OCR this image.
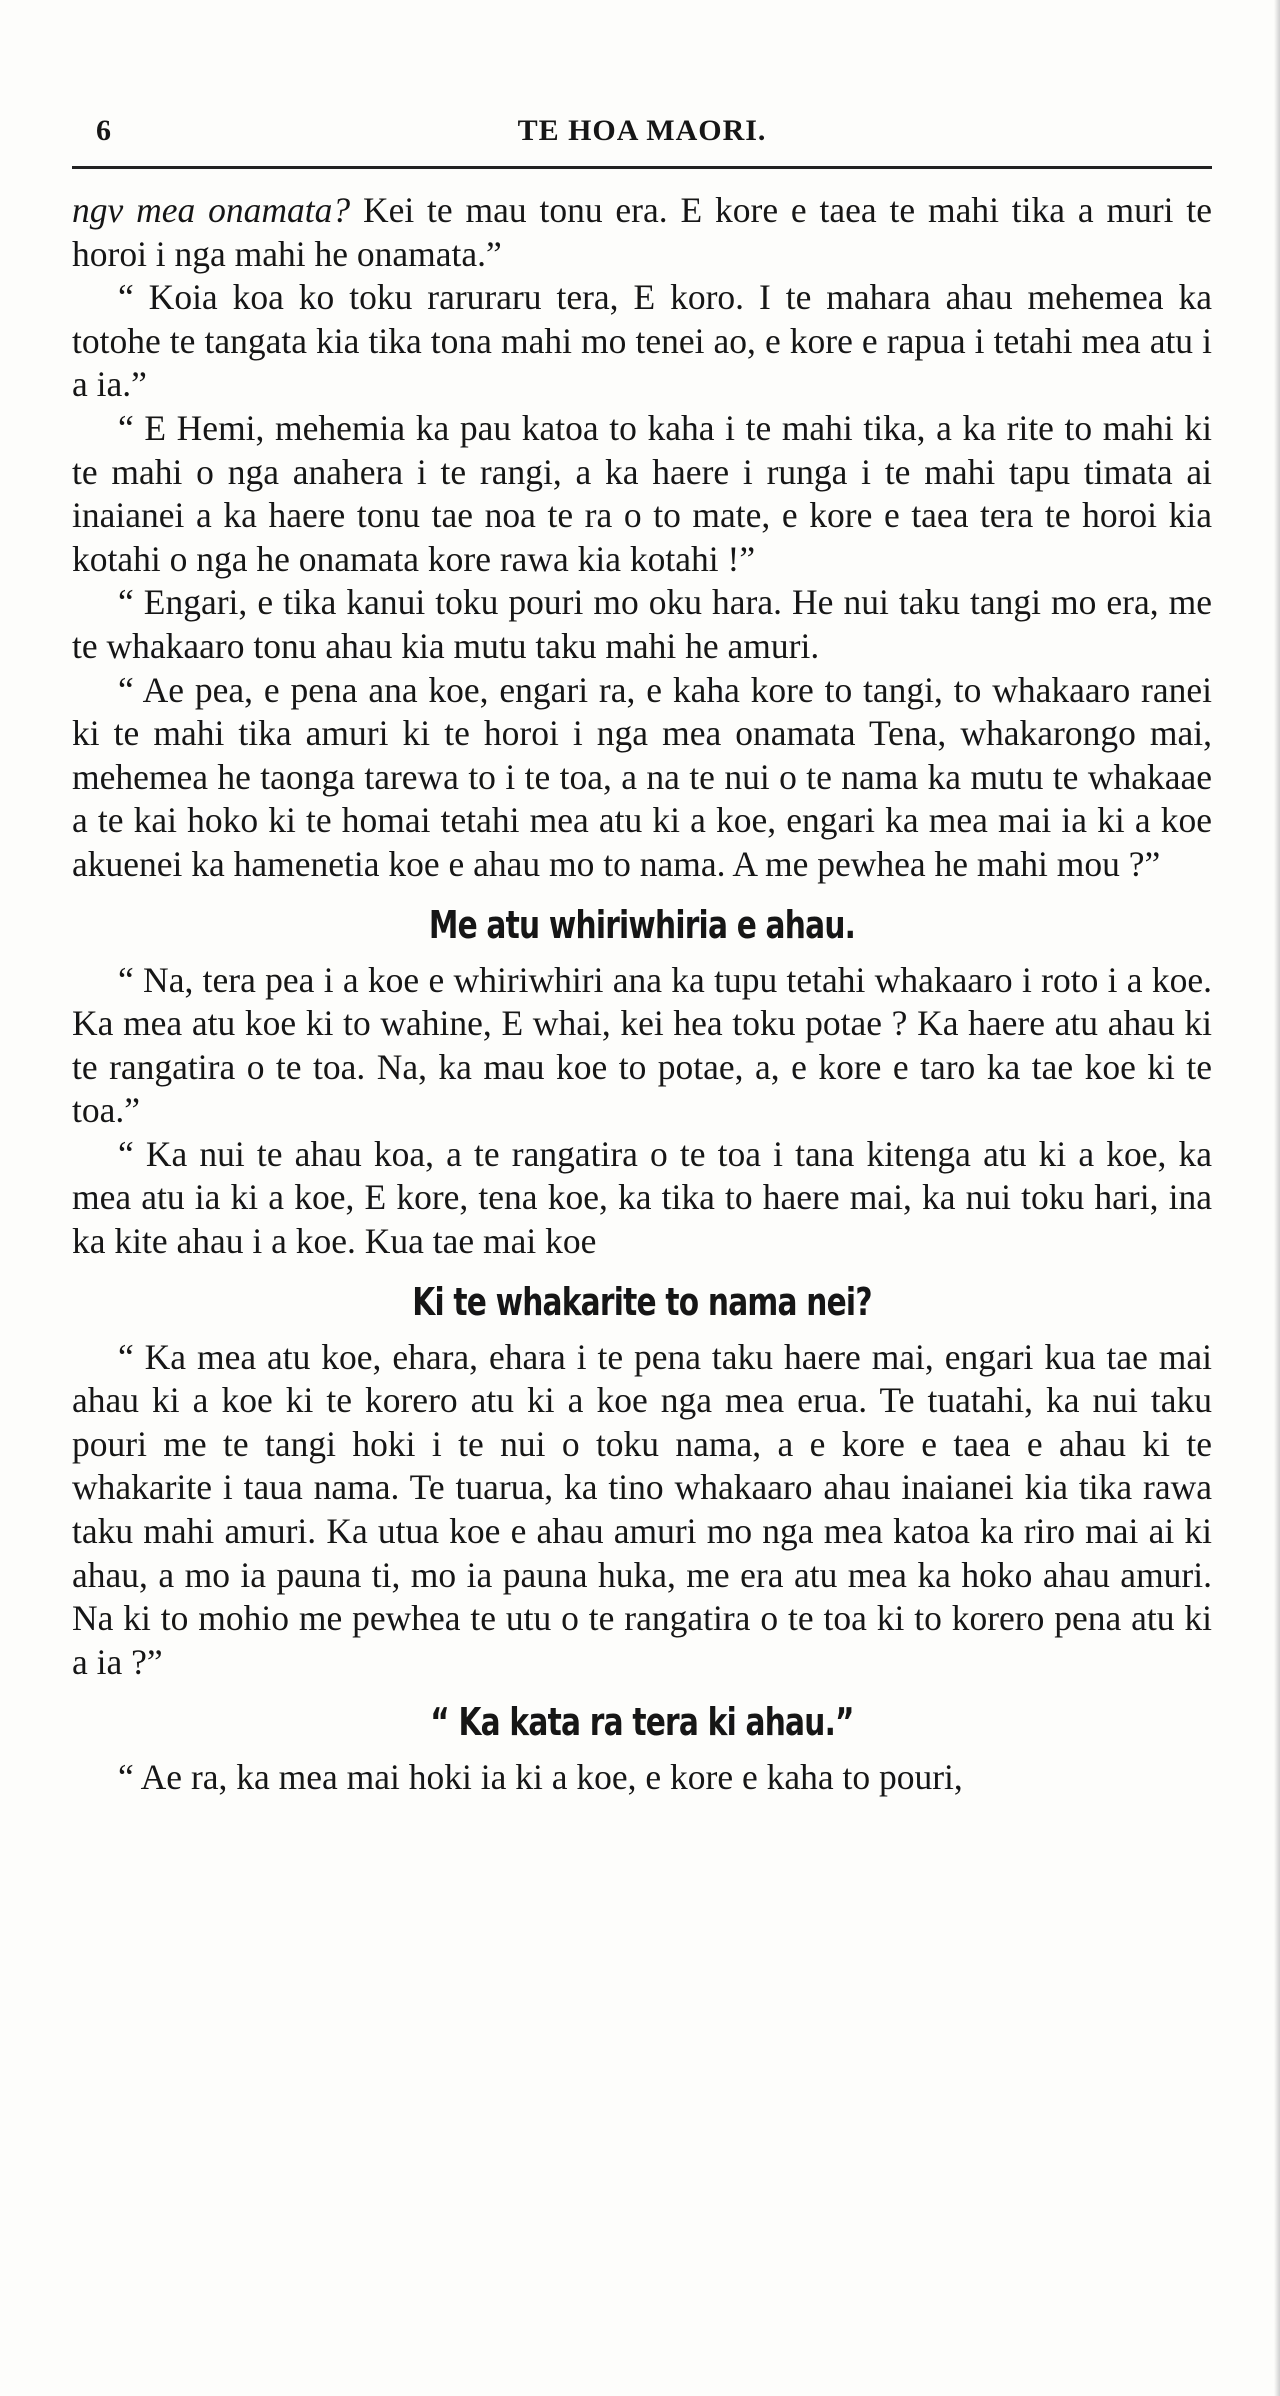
6	TE HOA MAORI.

ngv mea onamata? Kei te mau tonu era. E kore e taea te mahi tika a muri te horoi i nga mahi he onamata.”

“ Koia koa ko toku raruraru tera, E koro. I te mahara ahau mehemea ka totohe te tangata kia tika tona mahi mo tenei ao, e kore e rapua i tetahi mea atu i a ia.”

“ E Hemi, mehemia ka pau katoa to kaha i te mahi tika, a ka rite to mahi ki te mahi o nga anahera i te rangi, a ka haere i runga i te mahi tapu timata ai inaianei a ka haere tonu tae noa te ra o to mate, e kore e taea tera te horoi kia kotahi o nga he onamata kore rawa kia kotahi !”

“ Engari, e tika kanui toku pouri mo oku hara. He nui taku tangi mo era, me te whakaaro tonu ahau kia mutu taku mahi he amuri.

“ Ae pea, e pena ana koe, engari ra, e kaha kore to tangi, to whakaaro ranei ki te mahi tika amuri ki te horoi i nga mea onamata Tena, whakarongo mai, mehemea he taonga tarewa to i te toa, a na te nui o te nama ka mutu te whakaae a te kai hoko ki te homai tetahi mea atu ki a koe, engari ka mea mai ia ki a koe akuenei ka hamenetia koe e ahau mo to nama. A me pewhea he mahi mou ?”

Me atu whiriwhiria e ahau.

“ Na, tera pea i a koe e whiriwhiri ana ka tupu tetahi whakaaro i roto i a koe. Ka mea atu koe ki to wahine, E whai, kei hea toku potae ? Ka haere atu ahau ki te rangatira o te toa. Na, ka mau koe to potae, a, e kore e taro ka tae koe ki te toa.”

“ Ka nui te ahau koa, a te rangatira o te toa i tana kitenga atu ki a koe, ka mea atu ia ki a koe, E kore, tena koe, ka tika to haere mai, ka nui toku hari, ina ka kite ahau i a koe. Kua tae mai koe

Ki te whakarite to nama nei?

“ Ka mea atu koe, ehara, ehara i te pena taku haere mai, engari kua tae mai ahau ki a koe ki te korero atu ki a koe nga mea erua. Te tuatahi, ka nui taku pouri me te tangi hoki i te nui o toku nama, a e kore e taea e ahau ki te whakarite i taua nama. Te tuarua, ka tino whakaaro ahau inaianei kia tika rawa taku mahi amuri. Ka utua koe e ahau amuri mo nga mea katoa ka riro mai ai ki ahau, a mo ia pauna ti, mo ia pauna huka, me era atu mea ka hoko ahau amuri. Na ki to mohio me pewhea te utu o te rangatira o te toa ki to korero pena atu ki a ia ?”

“ Ka kata ra tera ki ahau.”

“ Ae ra, ka mea mai hoki ia ki a koe, e kore e kaha to pouri,
